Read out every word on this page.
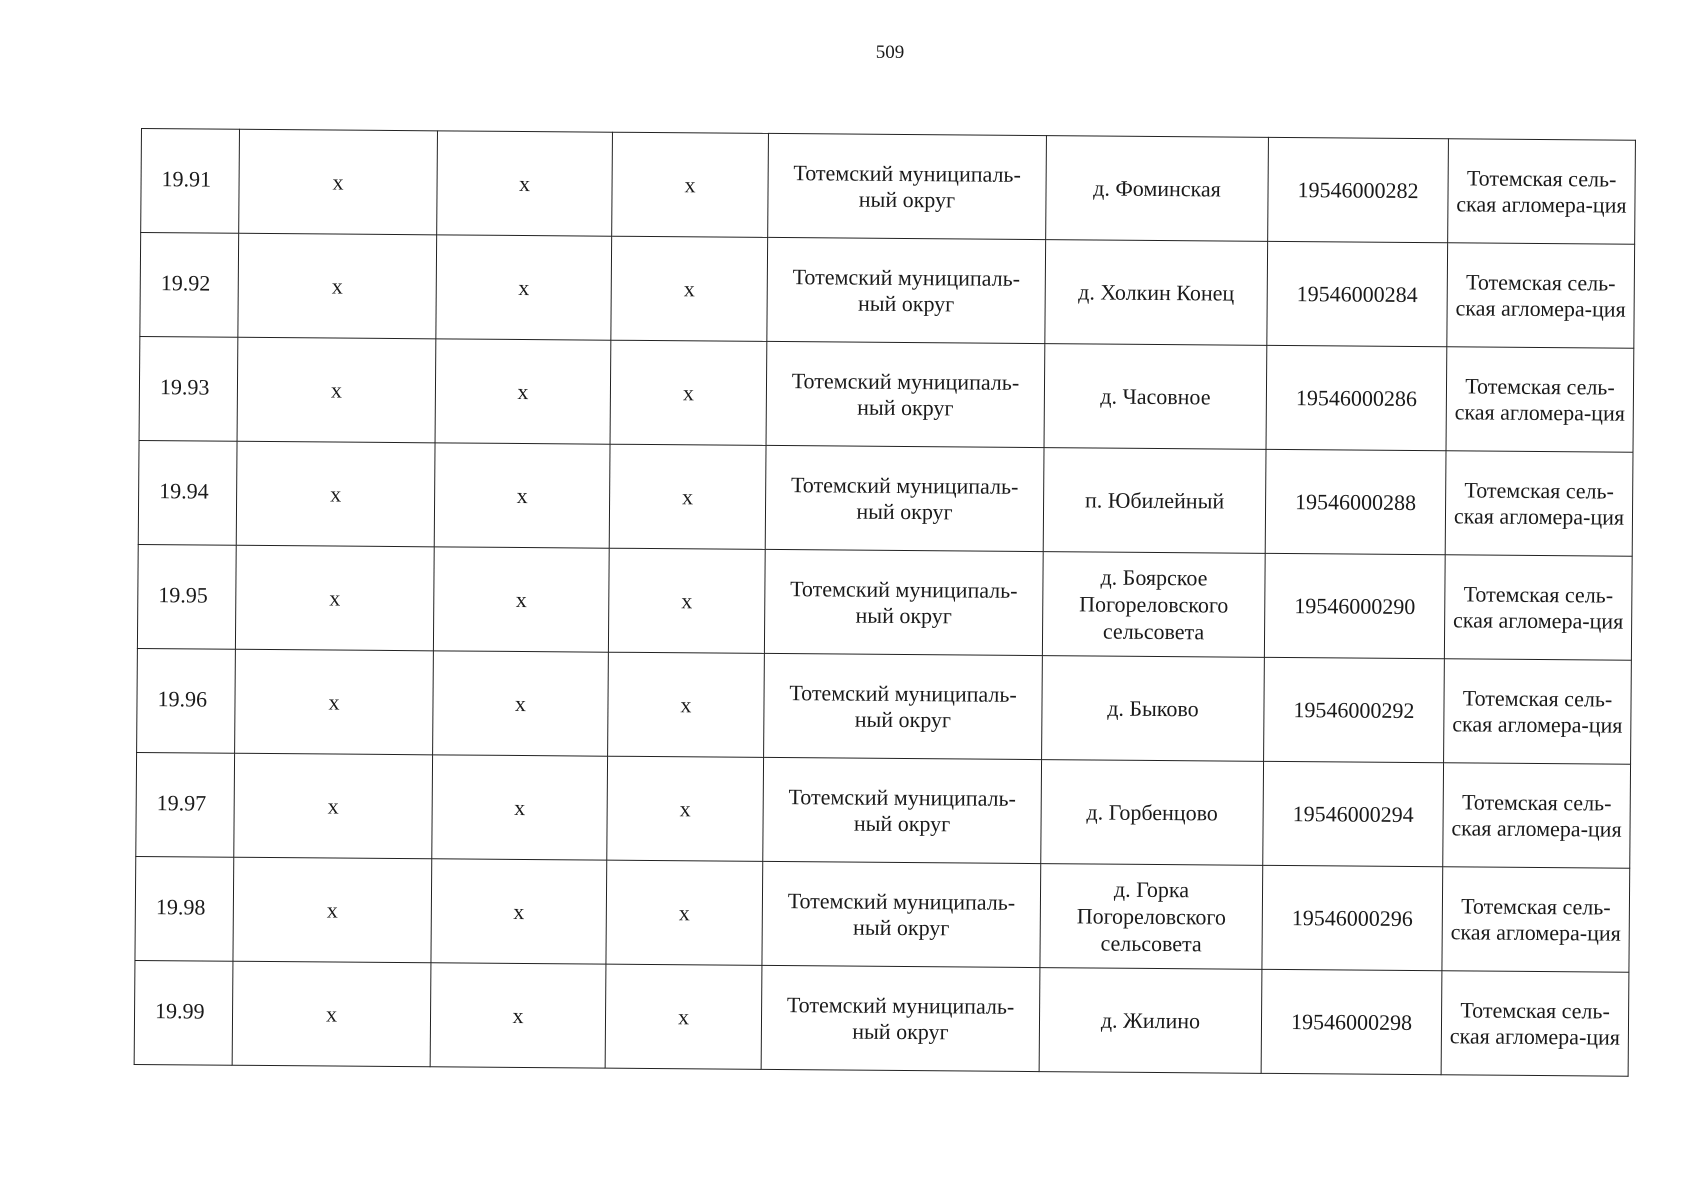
509
19.91	x	x	x	Тотемский муниципаль-ный округ	д. Фоминская	19546000282	Тотемская сель-ская агломера-ция
19.92	x	x	x	Тотемский муниципаль-ный округ	д. Холкин Конец	19546000284	Тотемская сель-ская агломера-ция
19.93	x	x	x	Тотемский муниципаль-ный округ	д. Часовное	19546000286	Тотемская сель-ская агломера-ция
19.94	x	x	x	Тотемский муниципаль-ный округ	п. Юбилейный	19546000288	Тотемская сель-ская агломера-ция
19.95	x	x	x	Тотемский муниципаль-ный округ	д. Боярское Погореловского сельсовета	19546000290	Тотемская сель-ская агломера-ция
19.96	x	x	x	Тотемский муниципаль-ный округ	д. Быково	19546000292	Тотемская сель-ская агломера-ция
19.97	x	x	x	Тотемский муниципаль-ный округ	д. Горбенцово	19546000294	Тотемская сель-ская агломера-ция
19.98	x	x	x	Тотемский муниципаль-ный округ	д. Горка Погореловского сельсовета	19546000296	Тотемская сель-ская агломера-ция
19.99	x	x	x	Тотемский муниципаль-ный округ	д. Жилино	19546000298	Тотемская сель-ская агломера-ция
